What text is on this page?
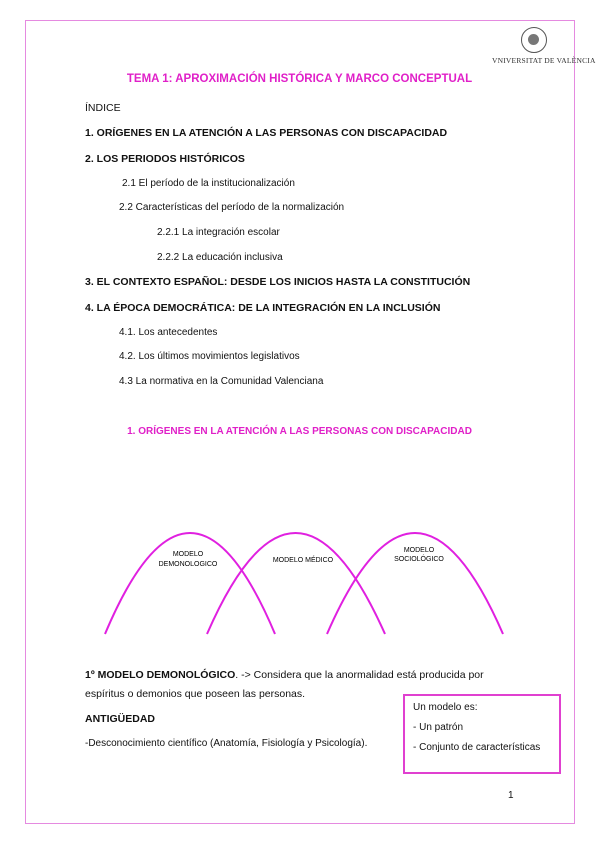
VNIVERSITAT DE VALÈNCIA
TEMA 1: APROXIMACIÓN HISTÓRICA Y MARCO CONCEPTUAL
ÍNDICE
1. ORÍGENES EN LA ATENCIÓN A LAS PERSONAS CON DISCAPACIDAD
2. LOS PERIODOS HISTÓRICOS
2.1 El período de la institucionalización
2.2 Características del período de la normalización
2.2.1 La integración escolar
2.2.2 La educación inclusiva
3. EL CONTEXTO ESPAÑOL: DESDE LOS INICIOS HASTA LA CONSTITUCIÓN
4. LA ÉPOCA DEMOCRÁTICA: DE LA INTEGRACIÓN EN LA INCLUSIÓN
4.1. Los antecedentes
4.2. Los últimos movimientos legislativos
4.3 La normativa en la Comunidad Valenciana
1. ORÍGENES EN LA ATENCIÓN A LAS PERSONAS CON DISCAPACIDAD
MODELO
DEMONOLOGICO
MODELO MÉDICO
MODELO
SOCIOLÓGICO
1º MODELO DEMONOLÓGICO. -> Considera que la anormalidad está producida por
espíritus o demonios que poseen las personas.
ANTIGÜEDAD
-Desconocimiento científico (Anatomía, Fisiología y Psicología).
Un modelo es:
- Un patrón
- Conjunto de características
1
